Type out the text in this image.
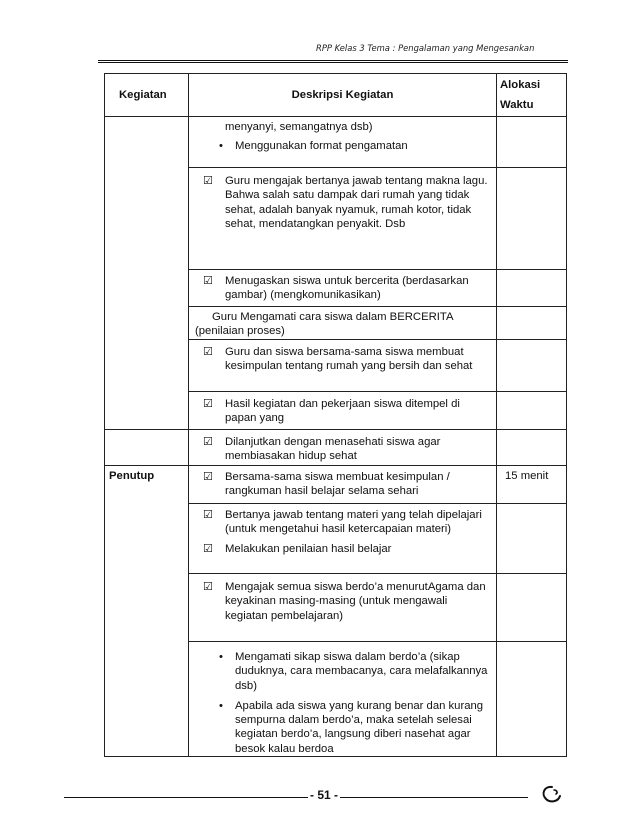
RPP Kelas 3 Tema : Pengalaman yang Mengesankan
Kegiatan	Deskripsi Kegiatan	Alokasi
Waktu

	menyanyi, semangatnya dsb)
• Menggunakan format pengamatan	

	☑ Guru mengajak bertanya jawab tentang makna lagu. Bahwa salah satu dampak dari rumah yang tidak sehat, adalah banyak nyamuk, rumah kotor, tidak sehat, mendatangkan penyakit. Dsb	

	☑ Menugaskan siswa untuk bercerita (berdasarkan gambar) (mengkomunikasikan)	

	Guru Mengamati cara siswa dalam BERCERITA
(penilaian proses)	

	☑ Guru dan siswa bersama-sama siswa membuat kesimpulan tentang rumah yang bersih dan sehat	

	☑ Hasil kegiatan dan pekerjaan siswa ditempel di papan yang	

	☑ Dilanjutkan dengan menasehati siswa agar membiasakan hidup sehat	

Penutup	☑ Bersama-sama siswa membuat kesimpulan / rangkuman hasil belajar selama sehari	15 menit

	☑ Bertanya jawab tentang materi yang telah dipelajari (untuk mengetahui hasil ketercapaian materi)
☑ Melakukan penilaian hasil belajar	

	☑ Mengajak semua siswa berdo’a menurutAgama dan keyakinan masing-masing (untuk mengawali kegiatan pembelajaran)	

	• Mengamati sikap siswa dalam berdo’a (sikap duduknya, cara membacanya, cara melafalkannya dsb)
• Apabila ada siswa yang kurang benar dan kurang sempurna dalam berdo’a, maka setelah selesai kegiatan berdo’a, langsung diberi nasehat agar besok kalau berdoa	

- 51 -
